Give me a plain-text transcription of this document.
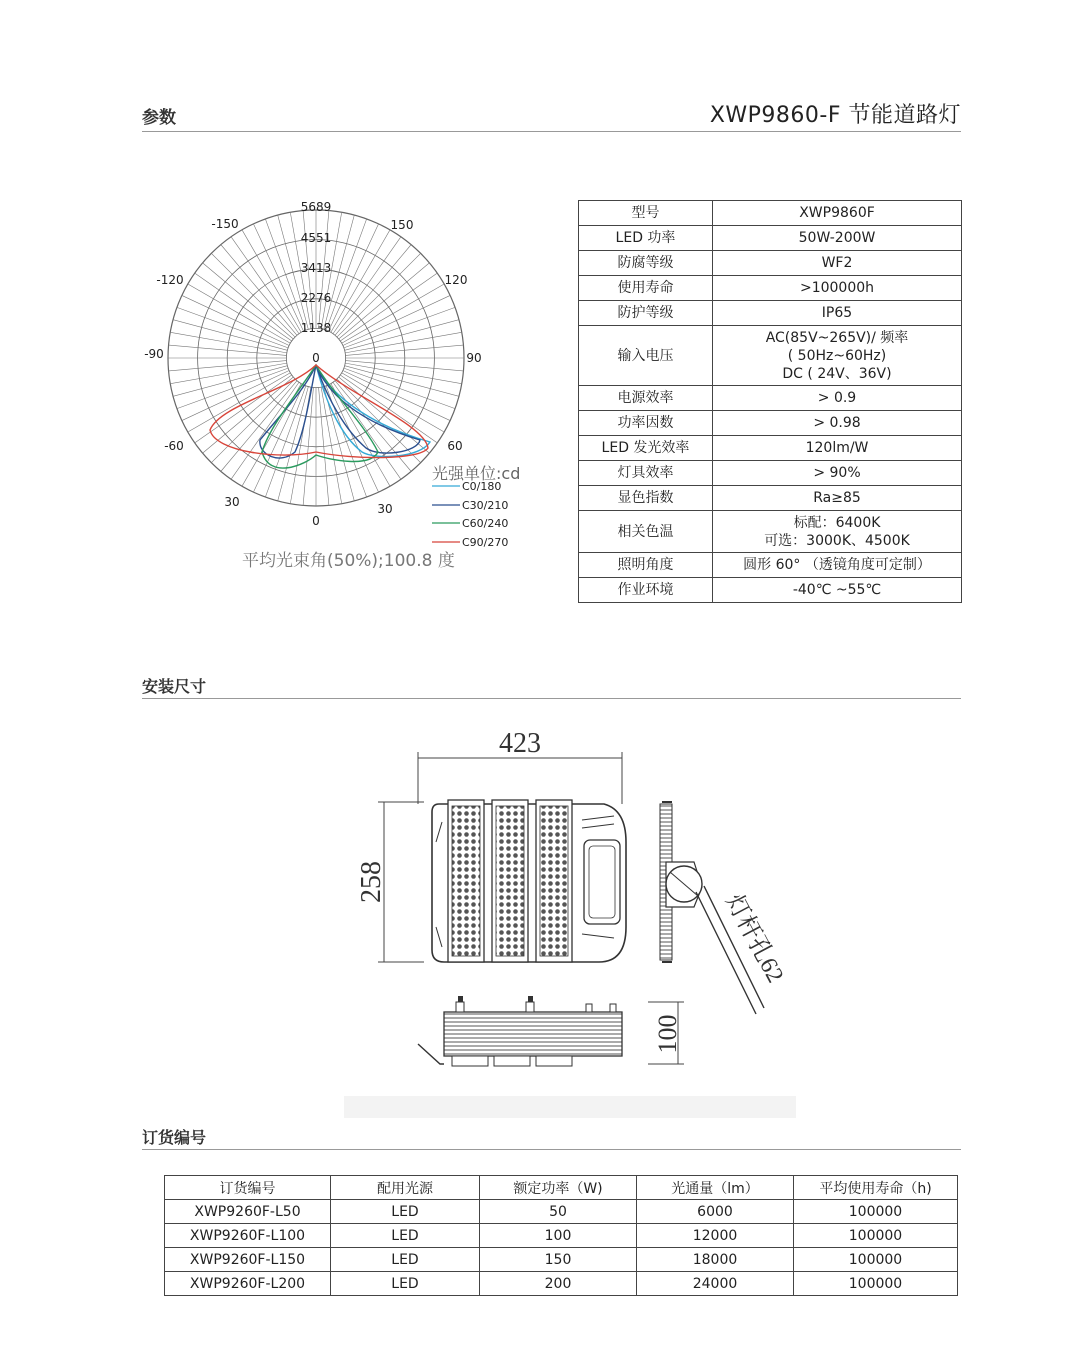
参数	XWP9860-F 节能道路灯
5689
4551
3413
2276
1138
0
-150	150
-120	120
-90	90
-60	60
30	30
0
光强单位:cd
C0/180
C30/210
C60/240
C90/270
平均光束角(50%);100.8 度
型号	XWP9860F
LED 功率	50W-200W
防腐等级	WF2
使用寿命	>100000h
防护等级	IP65
输入电压	AC(85V~265V)/ 频率
( 50Hz~60Hz)
DC ( 24V、36V)

电源效率	> 0.9
功率因数	> 0.98
LED 发光效率	120lm/W
灯具效率	> 90%
显色指数	Ra≥85
相关色温	标配：6400K
可选：3000K、4500K

照明角度	圆形 60° （透镜角度可定制）
作业环境	-40℃ ~55℃
安装尺寸
423
258
灯杆孔62
100
订货编号
订货编号	配用光源	额定功率（W)	光通量（lm）	平均使用寿命（h)
XWP9260F-L50	LED	50	6000	100000
XWP9260F-L100	LED	100	12000	100000
XWP9260F-L150	LED	150	18000	100000
XWP9260F-L200	LED	200	24000	100000
